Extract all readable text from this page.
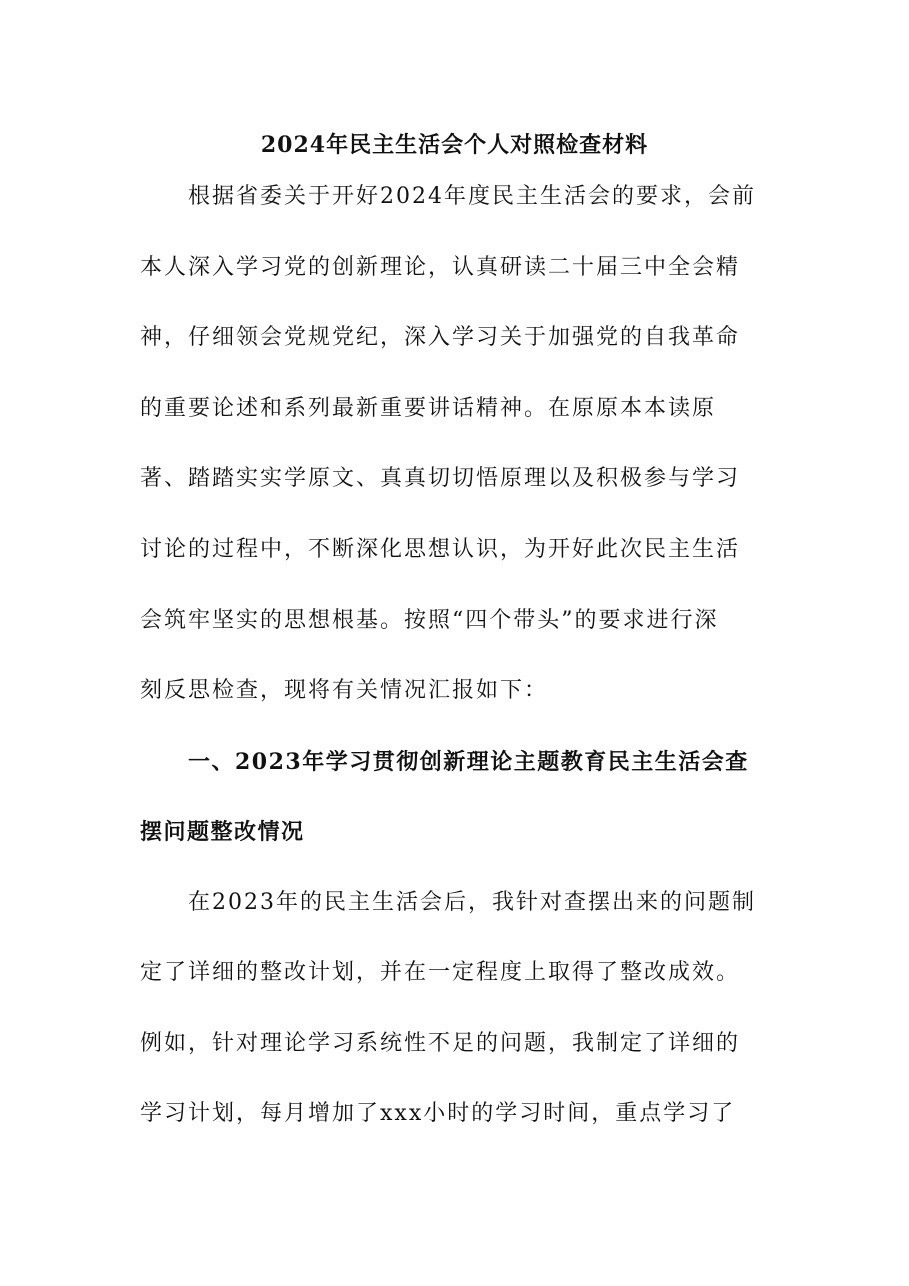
2024年民主生活会个人对照检查材料

根据省委关于开好2024年度民主生活会的要求，会前

本人深入学习党的创新理论，认真研读二十届三中全会精

神，仔细领会党规党纪，深入学习关于加强党的自我革命

的重要论述和系列最新重要讲话精神。在原原本本读原

著、踏踏实实学原文、真真切切悟原理以及积极参与学习

讨论的过程中，不断深化思想认识，为开好此次民主生活

会筑牢坚实的思想根基。按照“四个带头”的要求进行深

刻反思检查，现将有关情况汇报如下：

一、2023年学习贯彻创新理论主题教育民主生活会查

摆问题整改情况

在2023年的民主生活会后，我针对查摆出来的问题制

定了详细的整改计划，并在一定程度上取得了整改成效。

例如，针对理论学习系统性不足的问题，我制定了详细的

学习计划，每月增加了xxx小时的学习时间，重点学习了
